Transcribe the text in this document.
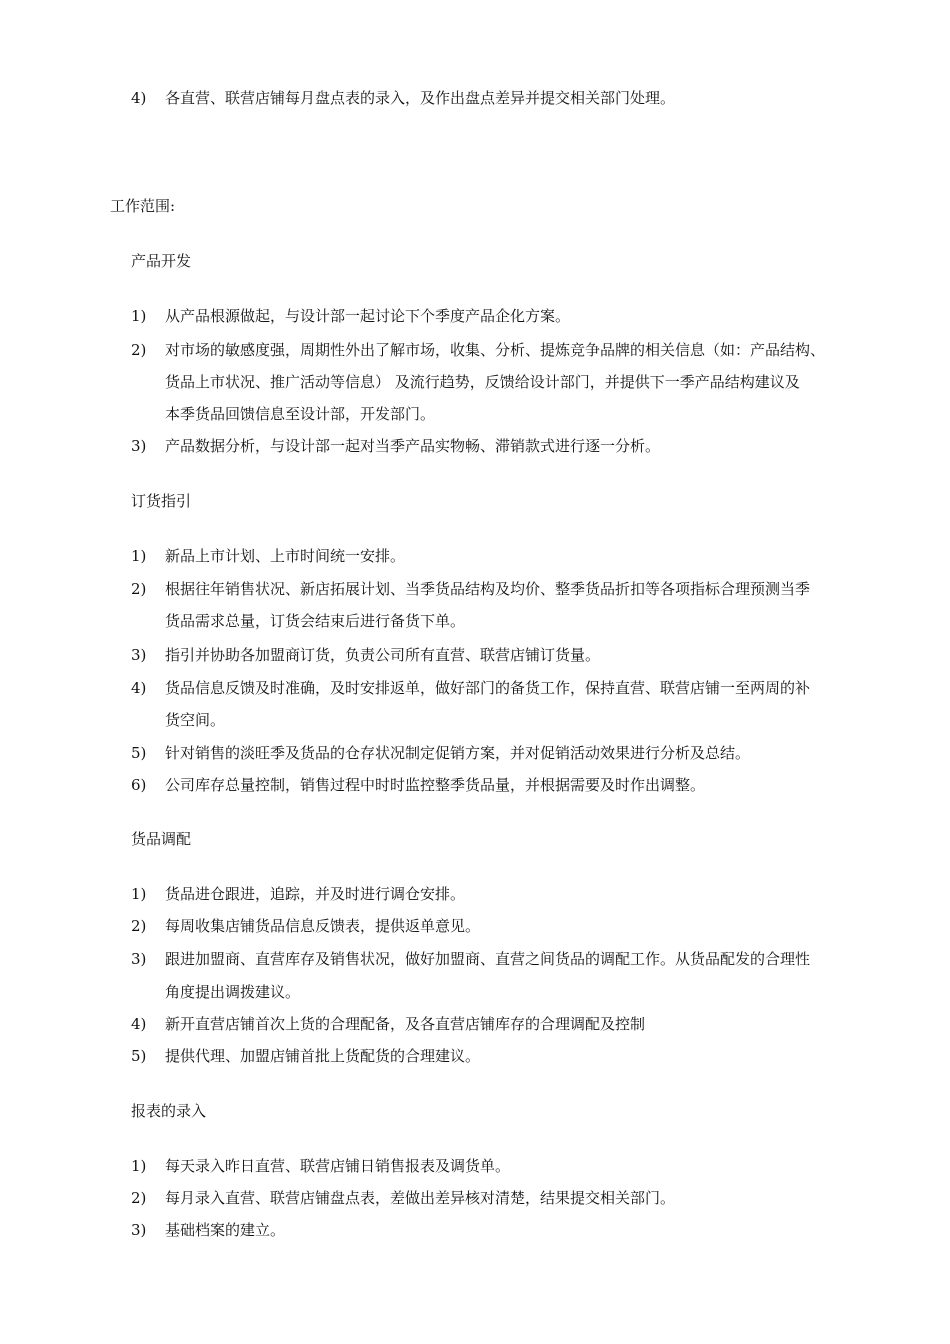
4) 各直营、联营店铺每月盘点表的录入，及作出盘点差异并提交相关部门处理。
工作范围:
产品开发
1) 从产品根源做起，与设计部一起讨论下个季度产品企化方案。
2) 对市场的敏感度强，周期性外出了解市场，收集、分析、提炼竞争品牌的相关信息（如：产品结构、
货品上市状况、推广活动等信息） 及流行趋势，反馈给设计部门，并提供下一季产品结构建议及
本季货品回馈信息至设计部，开发部门。
3) 产品数据分析，与设计部一起对当季产品实物畅、滞销款式进行逐一分析。
订货指引
1) 新品上市计划、上市时间统一安排。
2) 根据往年销售状况、新店拓展计划、当季货品结构及均价、整季货品折扣等各项指标合理预测当季
货品需求总量，订货会结束后进行备货下单。
3) 指引并协助各加盟商订货，负责公司所有直营、联营店铺订货量。
4) 货品信息反馈及时准确，及时安排返单，做好部门的备货工作，保持直营、联营店铺一至两周的补
货空间。
5) 针对销售的淡旺季及货品的仓存状况制定促销方案，并对促销活动效果进行分析及总结。
6) 公司库存总量控制，销售过程中时时监控整季货品量，并根据需要及时作出调整。
货品调配
1) 货品进仓跟进，追踪，并及时进行调仓安排。
2) 每周收集店铺货品信息反馈表，提供返单意见。
3) 跟进加盟商、直营库存及销售状况，做好加盟商、直营之间货品的调配工作。从货品配发的合理性
角度提出调拨建议。
4) 新开直营店铺首次上货的合理配备，及各直营店铺库存的合理调配及控制
5) 提供代理、加盟店铺首批上货配货的合理建议。
报表的录入
1) 每天录入昨日直营、联营店铺日销售报表及调货单。
2) 每月录入直营、联营店铺盘点表，差做出差异核对清楚，结果提交相关部门。
3) 基础档案的建立。
